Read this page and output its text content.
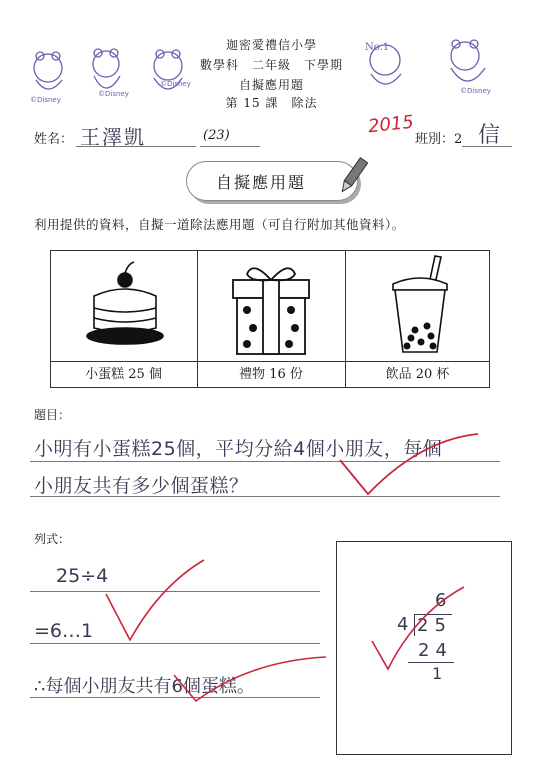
No.1
©Disney
©Disney
©Disney
©Disney
迦密愛禮信小學
數學科　二年級　下學期
自擬應用題
第 15 課　除法
姓名： 王澤凱	(23)	2015
班別：2 信
自擬應用題
利用提供的資料，自擬一道除法應用題（可自行附加其他資料）。
小蛋糕 25 個	禮物 16 份	飲品 20 杯
題目：
小明有小蛋糕25個，平均分給4個小朋友，每個
小朋友共有多少個蛋糕？
列式：
25÷4
=6…1
∴每個小朋友共有6個蛋糕。
6
4 25
24
1
